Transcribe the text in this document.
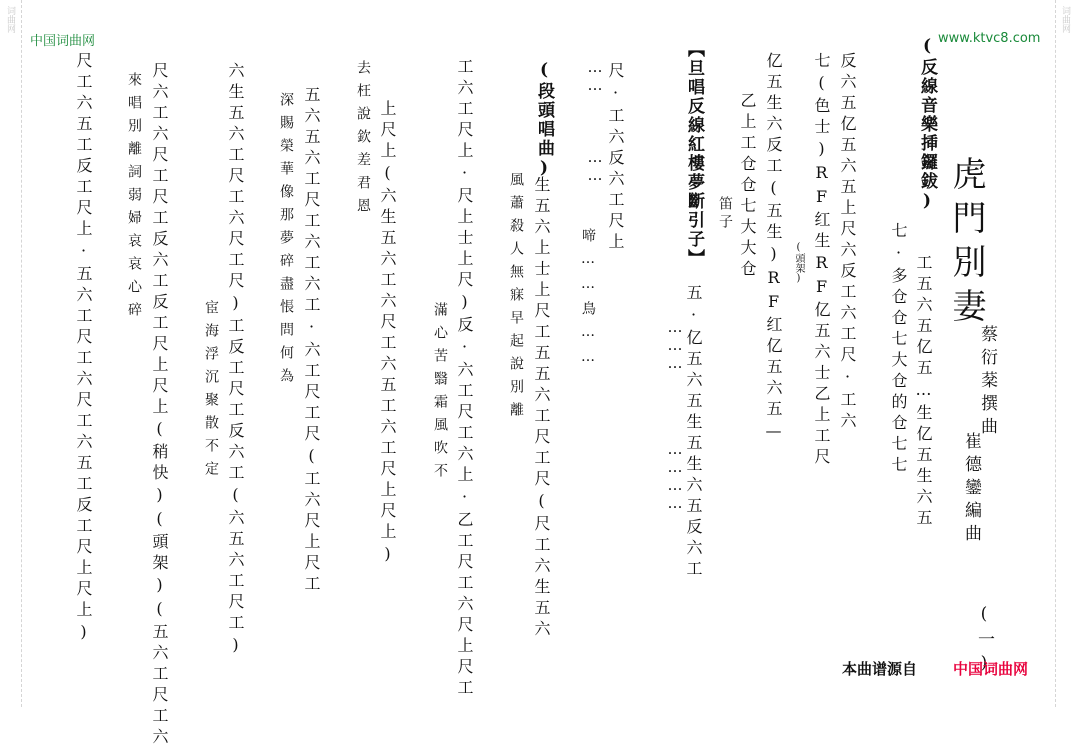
中国词曲网	www.ktvc8.com
词曲网	词曲网
虎門別妻
蔡衍棻撰曲
崔德鑾編曲
(一)
(反線音樂揷鑼鈸)
工五六五亿五…生亿五生六五
七·多仓仓七大仓的仓七七
反六五亿五六五上尺六反工六工尺·工六
七(色士)RF红生RF亿五六士乙上工尺
亿五生六反工(五生)RF红亿五六五—
乙上工仓仓七大大仓
笛子
【旦唱反線紅樓夢斷引子】
五·亿五六五生五生六五反六工
尺·工六反六工尺上
啼……鳥……
(段頭唱曲)
生五六上士上尺工五五六工尺工尺(尺工六生五六
風蕭殺人無寐早起說別離
工六工尺上·尺上士上尺)反·六工尺工六上·乙工尺工六尺上尺工
滿心苦翳霜風吹不
上尺上(六生五六工六尺工六五工六工尺上尺上)
去枉說欽差君恩
五六五六工尺工六工六工·六工尺工尺(工六尺上尺工
深賜榮華像那夢碎盡悵問何為
六生五六工尺工六尺工尺)工反工尺工反六工(六五六工尺工)
宦海浮沉聚散不定
尺六工六尺工尺工反六工反工尺上尺上(稍快)(頭架)(五六工尺工六
來唱別離詞弱婦哀哀心碎
尺工六五工反工尺上·五六工尺工六尺工六五工反工尺上尺上)	(頭架)
………
…………
……
……
本曲谱源自 中国词曲网
